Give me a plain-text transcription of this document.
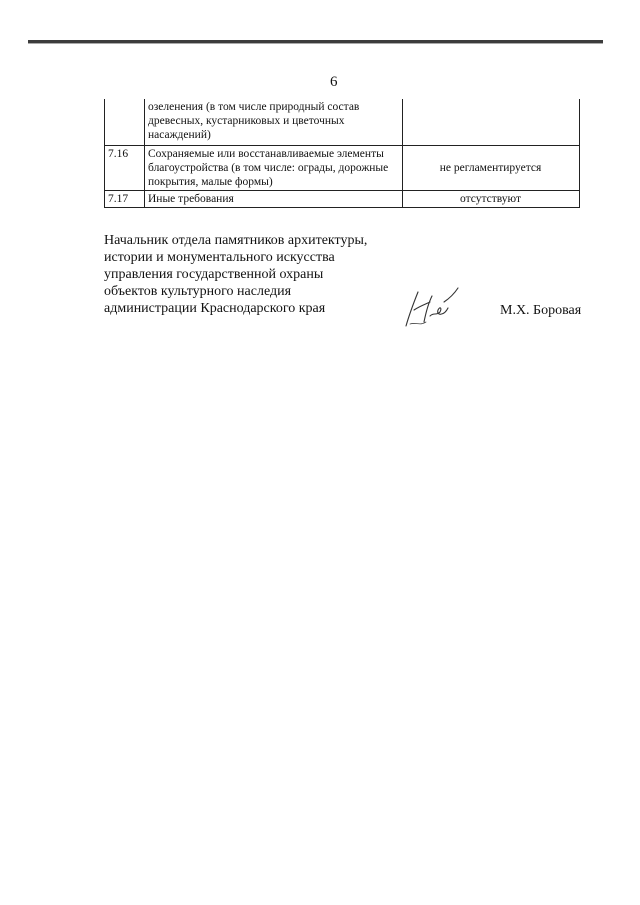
6
	озеленения (в том числе природный состав древесных, кустарниковых и цветочных насаждений)	
7.16	Сохраняемые или восстанавливаемые элементы благоустройства (в том числе: ограды, дорожные покрытия, малые формы)	не регламентируется
7.17	Иные требования	отсутствуют
Начальник отдела памятников архитектуры,
истории и монументального искусства
управления государственной охраны
объектов культурного наследия
администрации Краснодарского края	М.Х. Боровая
